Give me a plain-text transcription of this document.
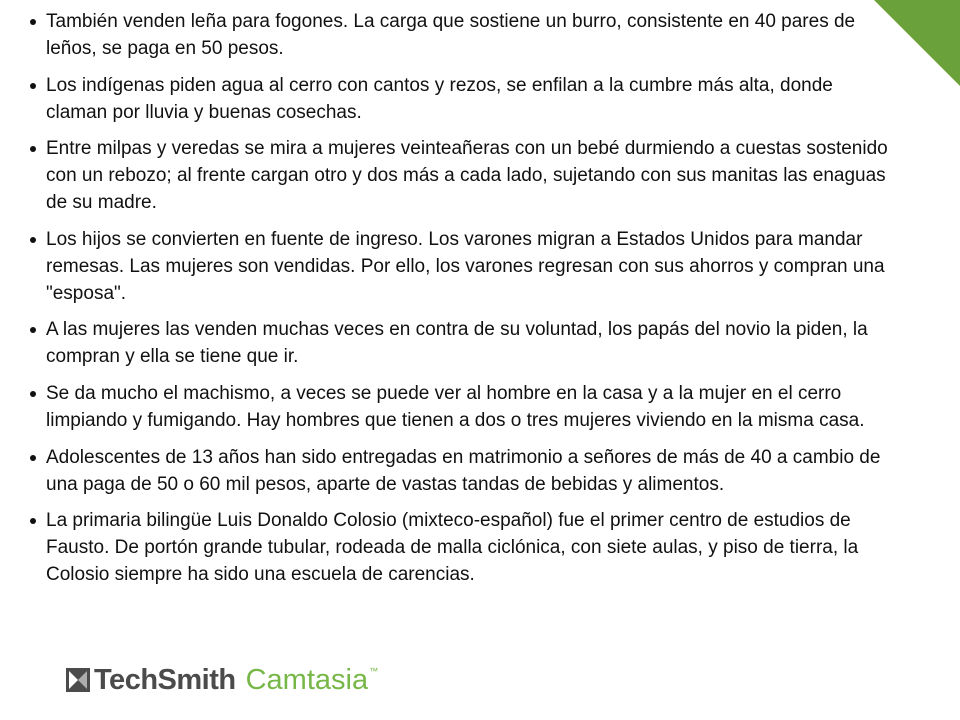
También venden leña para fogones. La carga que sostiene un burro, consistente en 40 pares de leños, se paga en 50 pesos.
Los indígenas piden agua al cerro con cantos y rezos, se enfilan a la cumbre más alta, donde claman por lluvia y buenas cosechas.
Entre milpas y veredas se mira a mujeres veinteañeras con un bebé durmiendo a cuestas sostenido con un rebozo; al frente cargan otro y dos más a cada lado, sujetando con sus manitas las enaguas de su madre.
Los hijos se convierten en fuente de ingreso. Los varones migran a Estados Unidos para mandar remesas. Las mujeres son vendidas. Por ello, los varones regresan con sus ahorros y compran una "esposa".
A las mujeres las venden muchas veces en contra de su voluntad, los papás del novio la piden, la compran y ella se tiene que ir.
Se da mucho el machismo, a veces se puede ver al hombre en la casa y a la mujer en el cerro limpiando y fumigando. Hay hombres que tienen a dos o tres mujeres viviendo en la misma casa.
Adolescentes de 13 años han sido entregadas en matrimonio a señores de más de 40 a cambio de una paga de 50 o 60 mil pesos, aparte de vastas tandas de bebidas y alimentos.
La primaria bilingüe Luis Donaldo Colosio (mixteco-español) fue el primer centro de estudios de Fausto. De portón grande tubular, rodeada de malla ciclónica, con siete aulas, y piso de tierra, la Colosio siempre ha sido una escuela de carencias.
TechSmith Camtasia ™
